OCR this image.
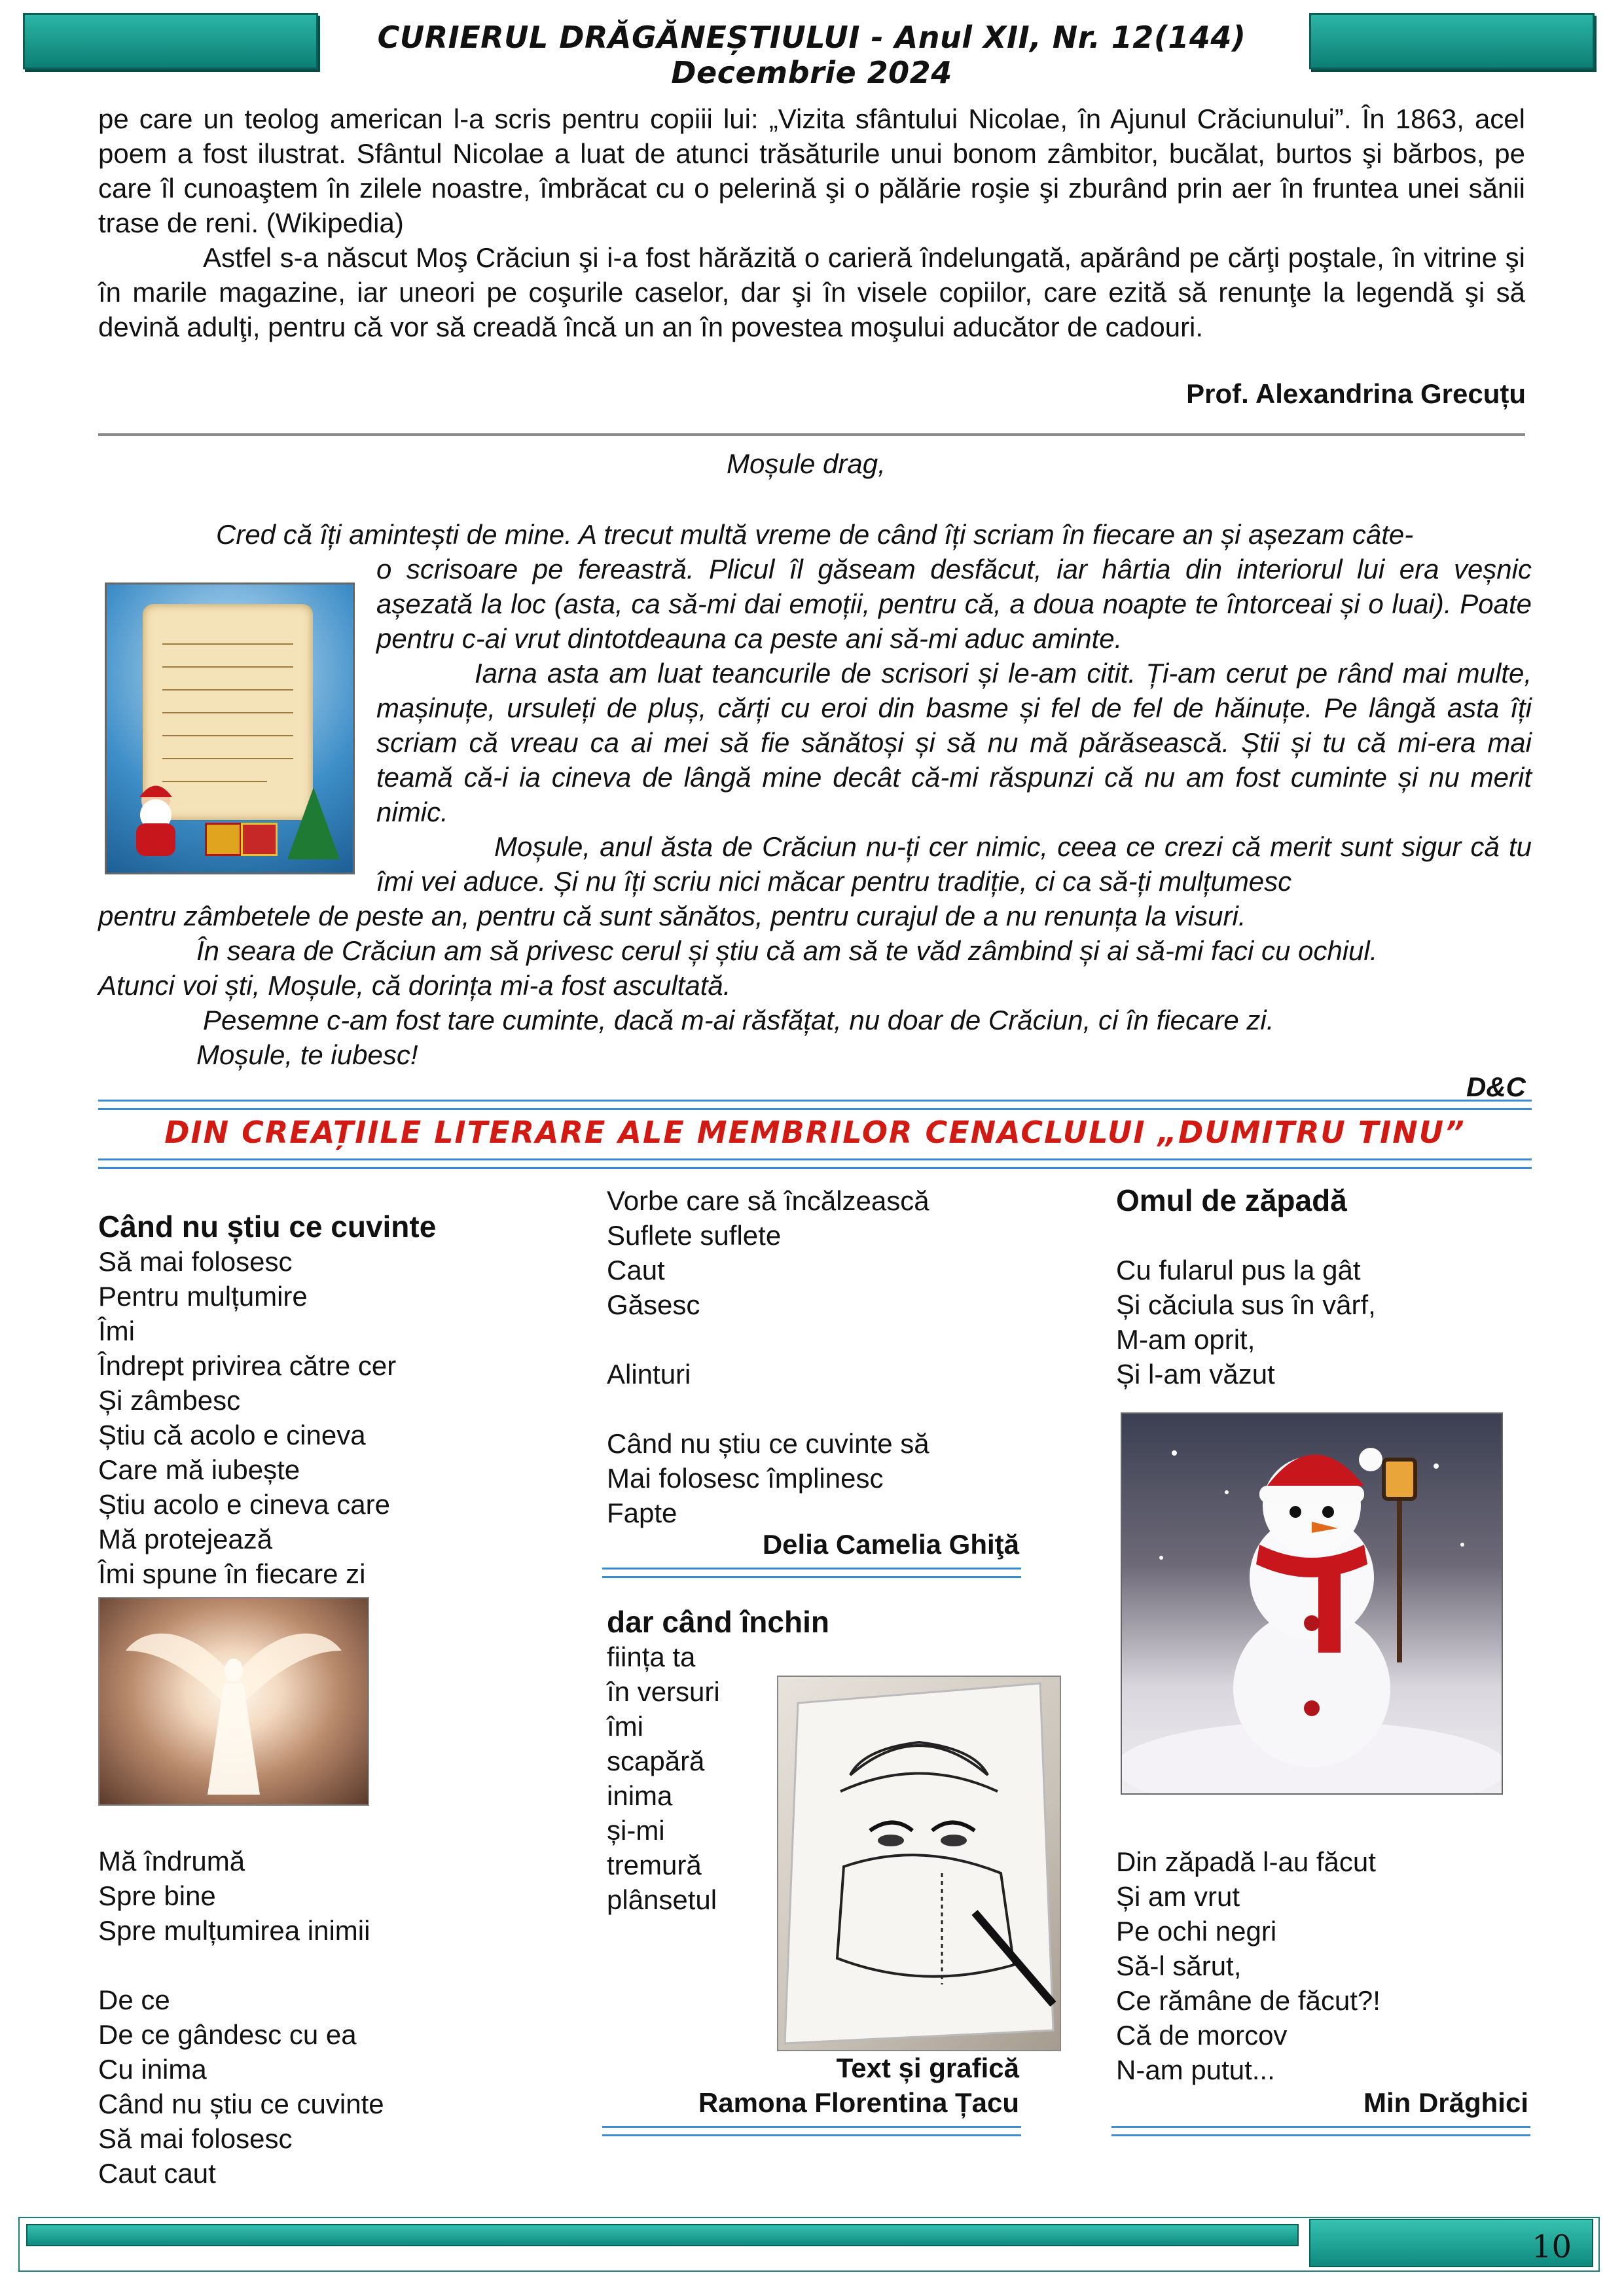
CURIERUL DRĂGĂNEȘTIULUI - Anul XII, Nr. 12(144) Decembrie 2024

pe care un teolog american l-a scris pentru copiii lui: „Vizita sfântului Nicolae, în Ajunul Crăciunului”. În 1863, acel poem a fost ilustrat. Sfântul Nicolae a luat de atunci trăsăturile unui bonom zâmbitor, bucălat, burtos şi bărbos, pe care îl cunoaştem în zilele noastre, îmbrăcat cu o pelerină şi o pălărie roşie şi zburând prin aer în fruntea unei sănii trase de reni. (Wikipedia)

Astfel s-a născut Moş Crăciun şi i-a fost hărăzită o carieră îndelungată, apărând pe cărţi poştale, în vitrine şi în marile magazine, iar uneori pe coşurile caselor, dar şi în visele copiilor, care ezită să renunţe la legendă şi să devină adulţi, pentru că vor să creadă încă un an în povestea moşului aducător de cadouri.

Prof. Alexandrina Grecuțu
Moșule drag,
Cred că îți amintești de mine. A trecut multă vreme de când îți scriam în fiecare an și așezam câte-

o scrisoare pe fereastră. Plicul îl găseam desfăcut, iar hârtia din interiorul lui era veșnic așezată la loc (asta, ca să-mi dai emoții, pentru că, a doua noapte te întorceai și o luai). Poate pentru c-ai vrut dintotdeauna ca peste ani să-mi aduc aminte.

Iarna asta am luat teancurile de scrisori și le-am citit. Ți-am cerut pe rând mai multe, mașinuțe, ursuleți de pluș, cărți cu eroi din basme și fel de fel de hăinuțe. Pe lângă asta îți scriam că vreau ca ai mei să fie sănătoși și să nu mă părăsească. Știi și tu că mi-era mai teamă că-i ia cineva de lângă mine decât că-mi răspunzi că nu am fost cuminte și nu merit nimic.

Moșule, anul ăsta de Crăciun nu-ți cer nimic, ceea ce crezi că merit sunt sigur că tu îmi vei aduce. Și nu îți scriu nici măcar pentru tradiție, ci ca să-ți mulțumesc

pentru zâmbetele de peste an, pentru că sunt sănătos, pentru curajul de a nu renunța la visuri.

În seara de Crăciun am să privesc cerul și știu că am să te văd zâmbind și ai să-mi faci cu ochiul.

Atunci voi ști, Moșule, că dorința mi-a fost ascultată.

Pesemne c-am fost tare cuminte, dacă m-ai răsfățat, nu doar de Crăciun, ci în fiecare zi.

Moșule, te iubesc!

D&C
DIN CREAȚIILE LITERARE ALE MEMBRILOR CENACLULUI „DUMITRU TINU”
Când nu știu ce cuvinte
Să mai folosesc
Pentru mulțumire
Îmi
Îndrept privirea către cer
Și zâmbesc
Știu că acolo e cineva
Care mă iubește
Știu acolo e cineva care
Mă protejează
Îmi spune în fiecare zi
Mă îndrumă
Spre bine
Spre mulțumirea inimii
De ce
De ce gândesc cu ea
Cu inima
Când nu știu ce cuvinte
Să mai folosesc
Caut caut
Vorbe care să încălzească
Suflete suflete
Caut
Găsesc
Alinturi
Când nu știu ce cuvinte să
Mai folosesc împlinesc
Fapte
Delia Camelia Ghiţă
dar când închin
ființa ta
în versuri
îmi
scapără
inima
și-mi
tremură
plânsetul
Text și grafică
Ramona Florentina Țacu
Omul de zăpadă
Cu fularul pus la gât
Și căciula sus în vârf,
M-am oprit,
Și l-am văzut
Din zăpadă l-au făcut
Și am vrut
Pe ochi negri
Să-l sărut,
Ce rămâne de făcut?!
Că de morcov
N-am putut...
Min Drăghici
10
